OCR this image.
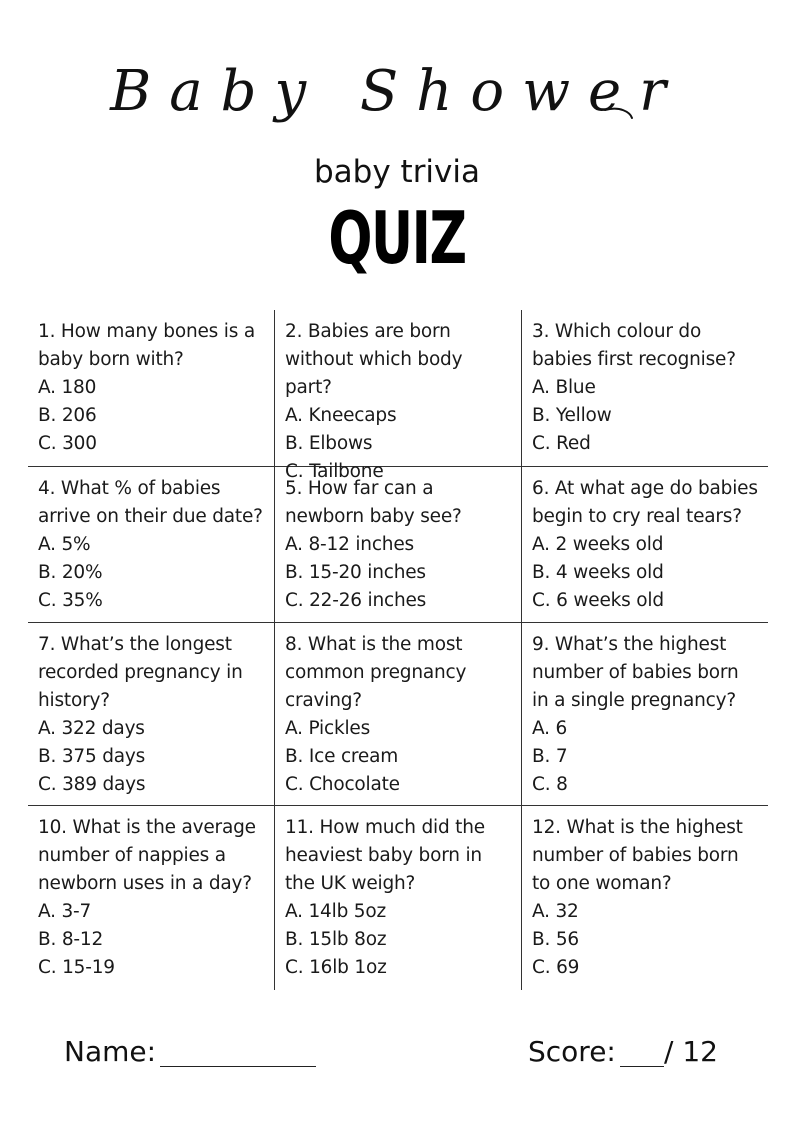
Baby Shower
baby trivia
QUIZ
1. How many bones is a baby born with?
A. 180
B. 206
C. 300
2. Babies are born without which body part?
A. Kneecaps
B. Elbows
C. Tailbone
3. Which colour do babies first recognise?
A. Blue
B. Yellow
C. Red
4. What % of babies arrive on their due date?
A. 5%
B. 20%
C. 35%
5. How far can a newborn baby see?
A. 8-12 inches
B. 15-20 inches
C. 22-26 inches
6. At what age do babies begin to cry real tears?
A. 2 weeks old
B. 4 weeks old
C. 6 weeks old
7. What’s the longest recorded pregnancy in history?
A. 322 days
B. 375 days
C. 389 days
8. What is the most common pregnancy craving?
A. Pickles
B. Ice cream
C. Chocolate
9. What’s the highest number of babies born in a single pregnancy?
A. 6
B. 7
C. 8
10. What is the average number of nappies a newborn uses in a day?
A. 3-7
B. 8-12
C. 15-19
11. How much did the heaviest baby born in the UK weigh?
A. 14lb 5oz
B. 15lb 8oz
C. 16lb 1oz
12. What is the highest number of babies born to one woman?
A. 32
B. 56
C. 69
Name:	Score: / 12
